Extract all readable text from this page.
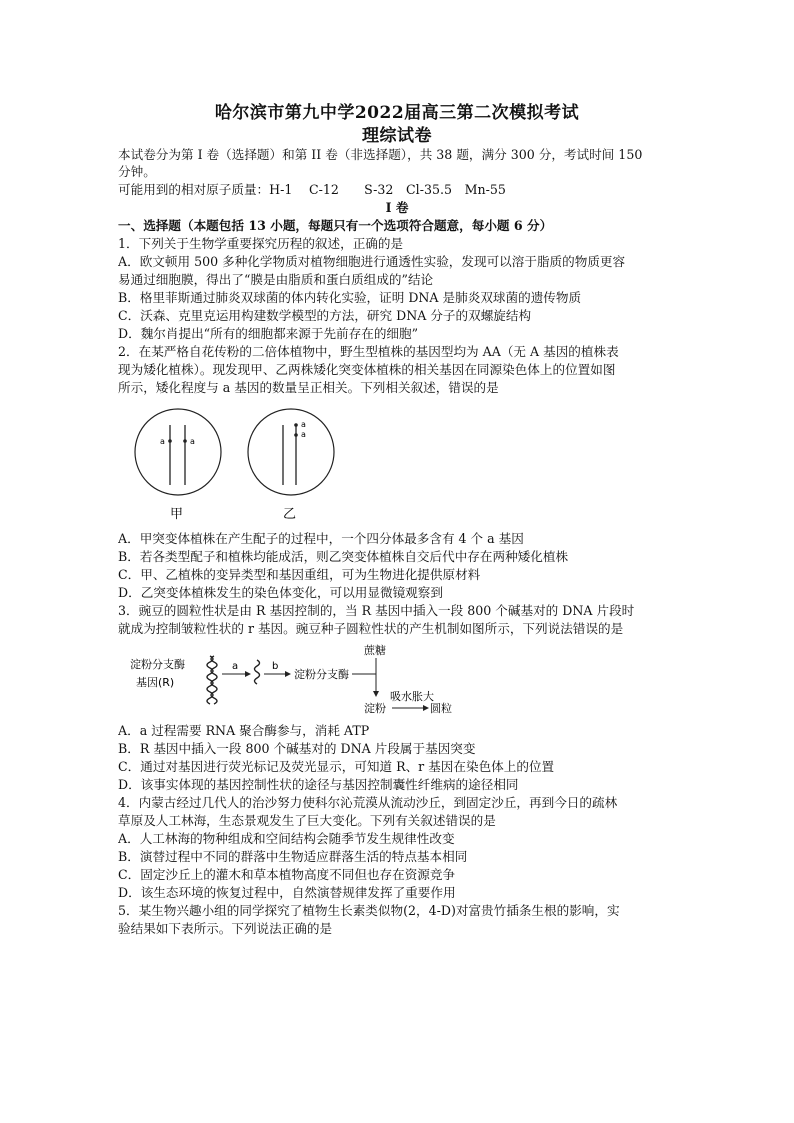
哈尔滨市第九中学2022届高三第二次模拟考试
理综试卷
本试卷分为第 I 卷（选择题）和第 II 卷（非选择题），共 38 题，满分 300 分，考试时间 150
分钟。
可能用到的相对原子质量：H-1　 C-12　　S-32　Cl-35.5　Mn-55
I 卷
一、选择题（本题包括 13 小题，每题只有一个选项符合题意，每小题 6 分）
1．下列关于生物学重要探究历程的叙述，正确的是
A．欧文顿用 500 多种化学物质对植物细胞进行通透性实验，发现可以溶于脂质的物质更容
易通过细胞膜，得出了“膜是由脂质和蛋白质组成的”结论
B．格里菲斯通过肺炎双球菌的体内转化实验，证明 DNA 是肺炎双球菌的遗传物质
C．沃森、克里克运用构建数学模型的方法，研究 DNA 分子的双螺旋结构
D．魏尔肖提出“所有的细胞都来源于先前存在的细胞”
2．在某严格自花传粉的二倍体植物中，野生型植株的基因型均为 AA（无 A 基因的植株表
现为矮化植株）。现发现甲、乙两株矮化突变体植株的相关基因在同源染色体上的位置如图
所示，矮化程度与 a 基因的数量呈正相关。下列相关叙述，错误的是
a	a
a
a
甲	乙
A．甲突变体植株在产生配子的过程中，一个四分体最多含有 4 个 a 基因
B．若各类型配子和植株均能成活，则乙突变体植株自交后代中存在两种矮化植株
C．甲、乙植株的变异类型和基因重组，可为生物进化提供原材料
D．乙突变体植株发生的染色体变化，可以用显微镜观察到
3．豌豆的圆粒性状是由 R 基因控制的，当 R 基因中插入一段 800 个碱基对的 DNA 片段时
就成为控制皱粒性状的 r 基因。豌豆种子圆粒性状的产生机制如图所示，下列说法错误的是
淀粉分支酶
基因(R)
a	b
淀粉分支酶
蔗糖
淀粉
吸水胀大
圆粒
A．a 过程需要 RNA 聚合酶参与，消耗 ATP
B．R 基因中插入一段 800 个碱基对的 DNA 片段属于基因突变
C．通过对基因进行荧光标记及荧光显示，可知道 R、r 基因在染色体上的位置
D．该事实体现的基因控制性状的途径与基因控制囊性纤维病的途径相同
4．内蒙古经过几代人的治沙努力使科尔沁荒漠从流动沙丘，到固定沙丘，再到今日的疏林
草原及人工林海，生态景观发生了巨大变化。下列有关叙述错误的是
A．人工林海的物种组成和空间结构会随季节发生规律性改变
B．演替过程中不同的群落中生物适应群落生活的特点基本相同
C．固定沙丘上的灌木和草本植物高度不同但也存在资源竞争
D．该生态环境的恢复过程中，自然演替规律发挥了重要作用
5．某生物兴趣小组的同学探究了植物生长素类似物(2，4-D)对富贵竹插条生根的影响，实
验结果如下表所示。下列说法正确的是
